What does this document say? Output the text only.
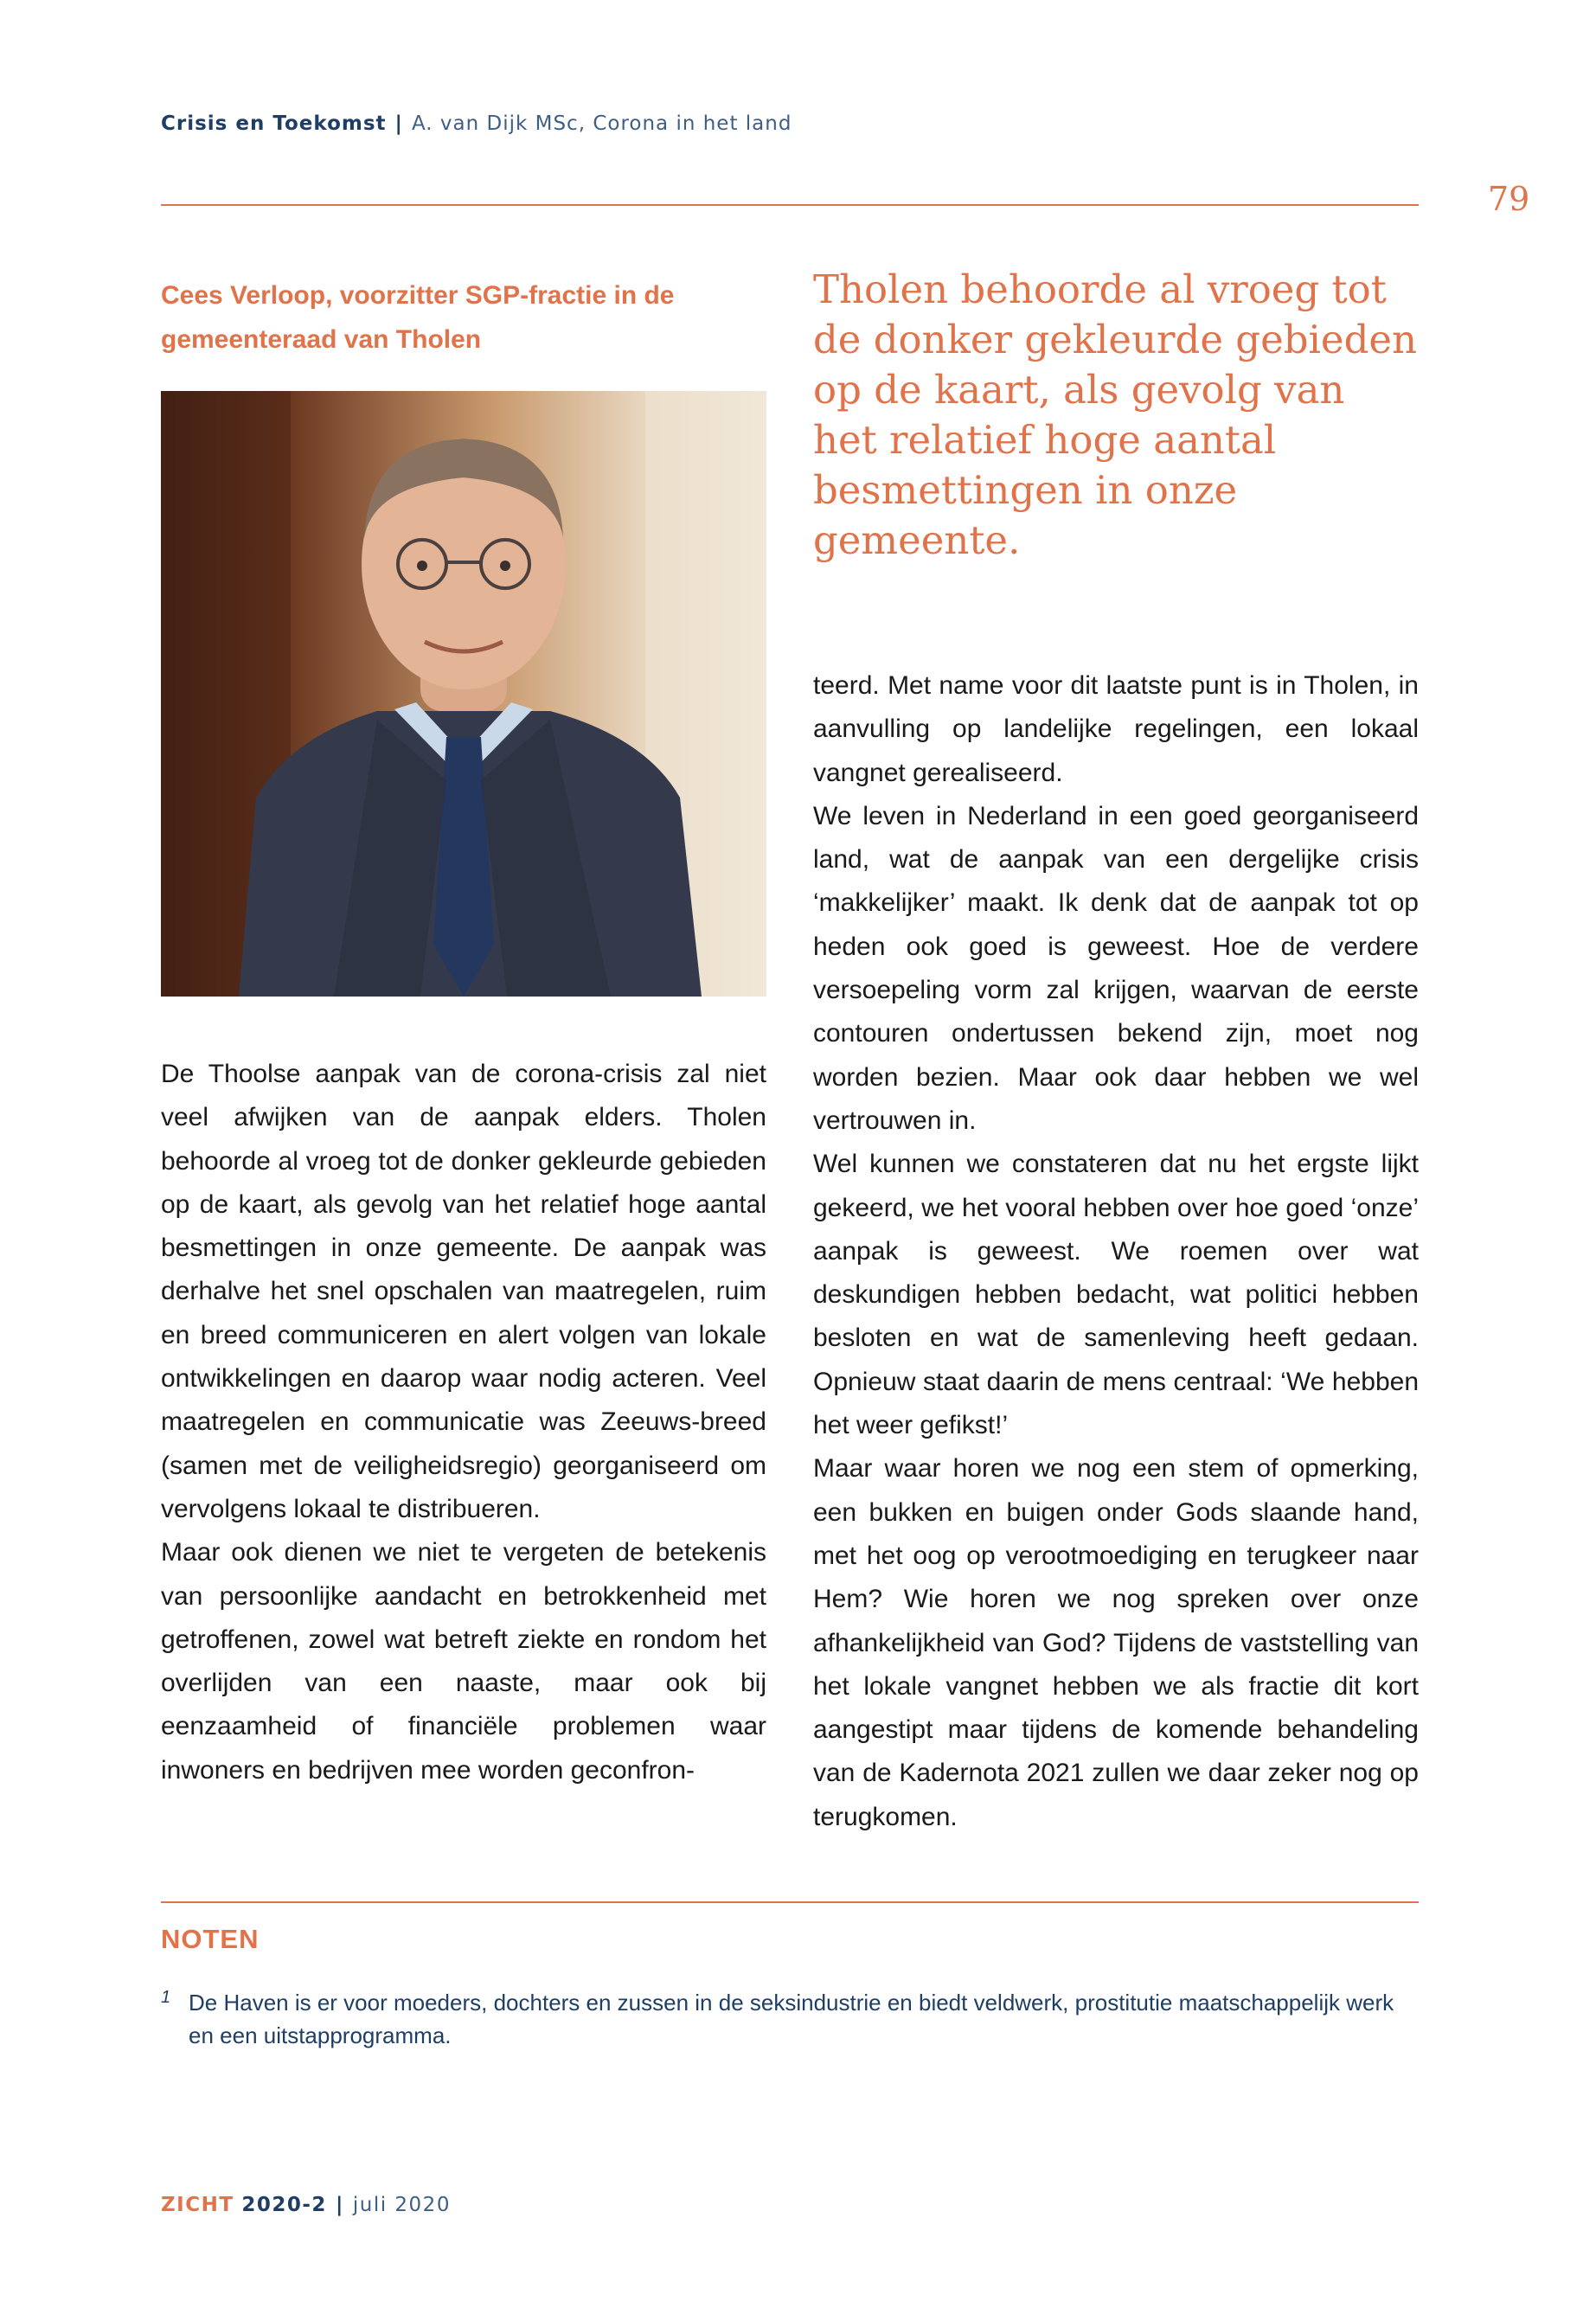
Crisis en Toekomst | A. van Dijk MSc, Corona in het land
79
Cees Verloop, voorzitter SGP-fractie in de gemeenteraad van Tholen
Tholen behoorde al vroeg tot
de donker gekleurde gebieden
op de kaart, als gevolg van
het relatief hoge aantal
besmettingen in onze
gemeente.

De Thoolse aanpak van de corona-crisis zal niet veel afwijken van de aanpak elders. Tholen behoorde al vroeg tot de donker gekleurde gebieden op de kaart, als gevolg van het relatief hoge aantal besmettingen in onze gemeente. De aanpak was derhalve het snel opschalen van maatregelen, ruim en breed communiceren en alert volgen van lokale ontwikkelingen en daarop waar nodig acteren. Veel maatregelen en communicatie was Zeeuws-breed (samen met de veiligheidsregio) georganiseerd om vervolgens lokaal te distribueren.

Maar ook dienen we niet te vergeten de betekenis van persoonlijke aandacht en betrokkenheid met getroffenen, zowel wat betreft ziekte en rondom het overlijden van een naaste, maar ook bij eenzaamheid of financiële problemen waar inwoners en bedrijven mee worden geconfron-

teerd. Met name voor dit laatste punt is in Tholen, in aanvulling op landelijke regelingen, een lokaal vangnet gerealiseerd.

We leven in Nederland in een goed georganiseerd land, wat de aanpak van een dergelijke crisis ‘makkelijker’ maakt. Ik denk dat de aanpak tot op heden ook goed is geweest. Hoe de verdere versoepeling vorm zal krijgen, waarvan de eerste contouren ondertussen bekend zijn, moet nog worden bezien. Maar ook daar hebben we wel vertrouwen in.

Wel kunnen we constateren dat nu het ergste lijkt gekeerd, we het vooral hebben over hoe goed ‘onze’ aanpak is geweest. We roemen over wat deskundigen hebben bedacht, wat politici hebben besloten en wat de samenleving heeft gedaan. Opnieuw staat daarin de mens centraal: ‘We hebben het weer gefikst!’

Maar waar horen we nog een stem of opmerking, een bukken en buigen onder Gods slaande hand, met het oog op verootmoediging en terugkeer naar Hem? Wie horen we nog spreken over onze afhankelijkheid van God? Tijdens de vaststelling van het lokale vangnet hebben we als fractie dit kort aangestipt maar tijdens de komende behandeling van de Kadernota 2021 zullen we daar zeker nog op terugkomen.

NOTEN
1 De Haven is er voor moeders, dochters en zussen in de seksindustrie en biedt veldwerk, prostitutie maatschappelijk werk en een uitstapprogramma.
ZICHT 2020-2 | juli 2020
